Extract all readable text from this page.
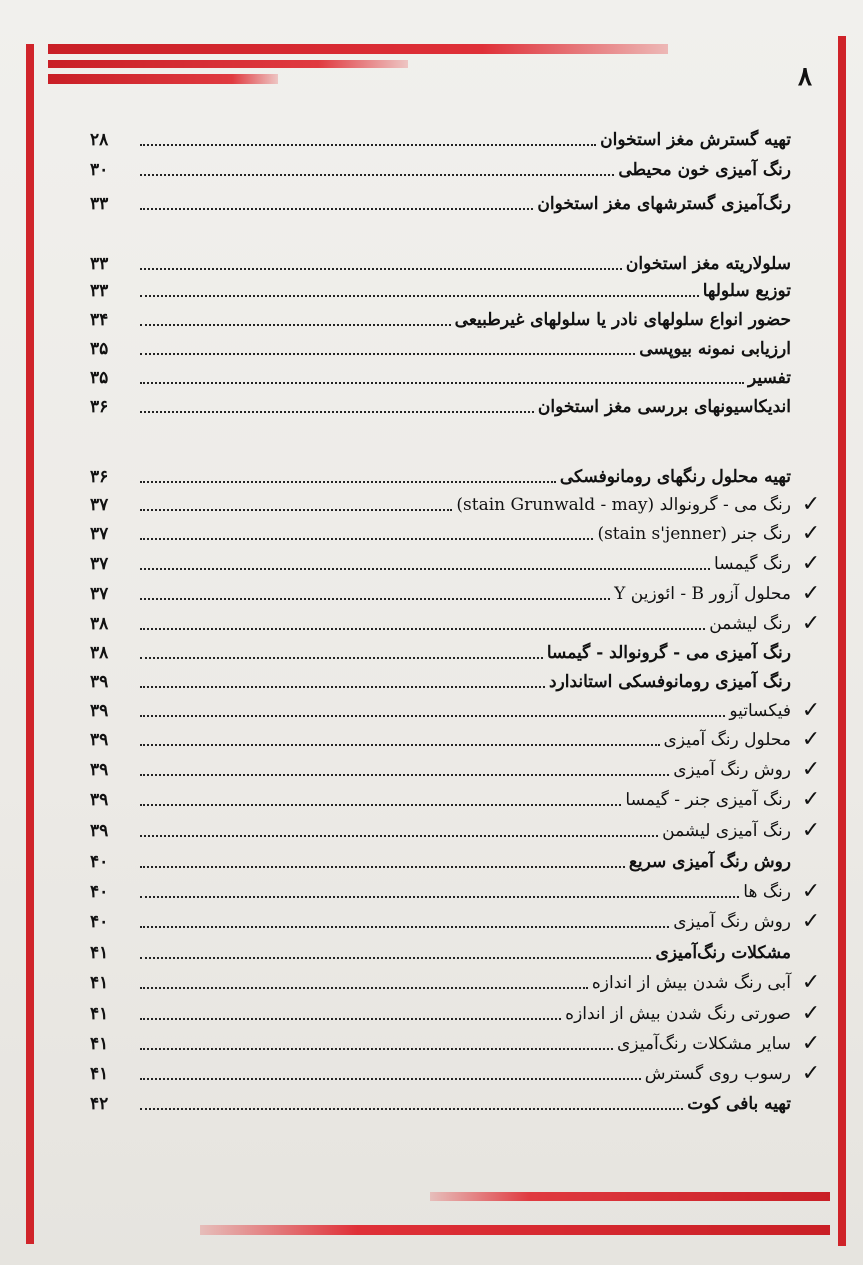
۸
تهیه گسترش مغز استخوان
۲۸
رنگ آمیزی خون محیطی
۳۰
رنگ‌آمیزی گسترشهای مغز استخوان
۳۳
سلولاریته مغز استخوان
۳۳
توزیع سلولها
۳۳
حضور انواع سلولهای نادر یا سلولهای غیرطبیعی
۳۴
ارزیابی نمونه بیوپسی
۳۵
تفسیر
۳۵
اندیکاسیونهای بررسی مغز استخوان
۳۶
تهیه محلول رنگهای رومانوفسکی
۳۶
✓
رنگ می - گرونوالد (stain Grunwald - may)
۳۷
✓
رنگ جنر (stain s'jenner)
۳۷
✓
رنگ گیمسا
۳۷
✓
محلول آزور B - ائوزین Y
۳۷
✓
رنگ لیشمن
۳۸
رنگ آمیزی می - گرونوالد - گیمسا
۳۸
رنگ آمیزی رومانوفسکی استاندارد
۳۹
✓
فیکساتیو
۳۹
✓
محلول رنگ آمیزی
۳۹
✓
روش رنگ آمیزی
۳۹
✓
رنگ آمیزی جنر - گیمسا
۳۹
✓
رنگ آمیزی لیشمن
۳۹
روش رنگ آمیزی سریع
۴۰
✓
رنگ ها
۴۰
✓
روش رنگ آمیزی
۴۰
مشکلات رنگ‌آمیزی
۴۱
✓
آبی رنگ شدن بیش از اندازه
۴۱
✓
صورتی رنگ شدن بیش از اندازه
۴۱
✓
سایر مشکلات رنگ‌آمیزی
۴۱
✓
رسوب روی گسترش
۴۱
تهیه بافی کوت
۴۲
